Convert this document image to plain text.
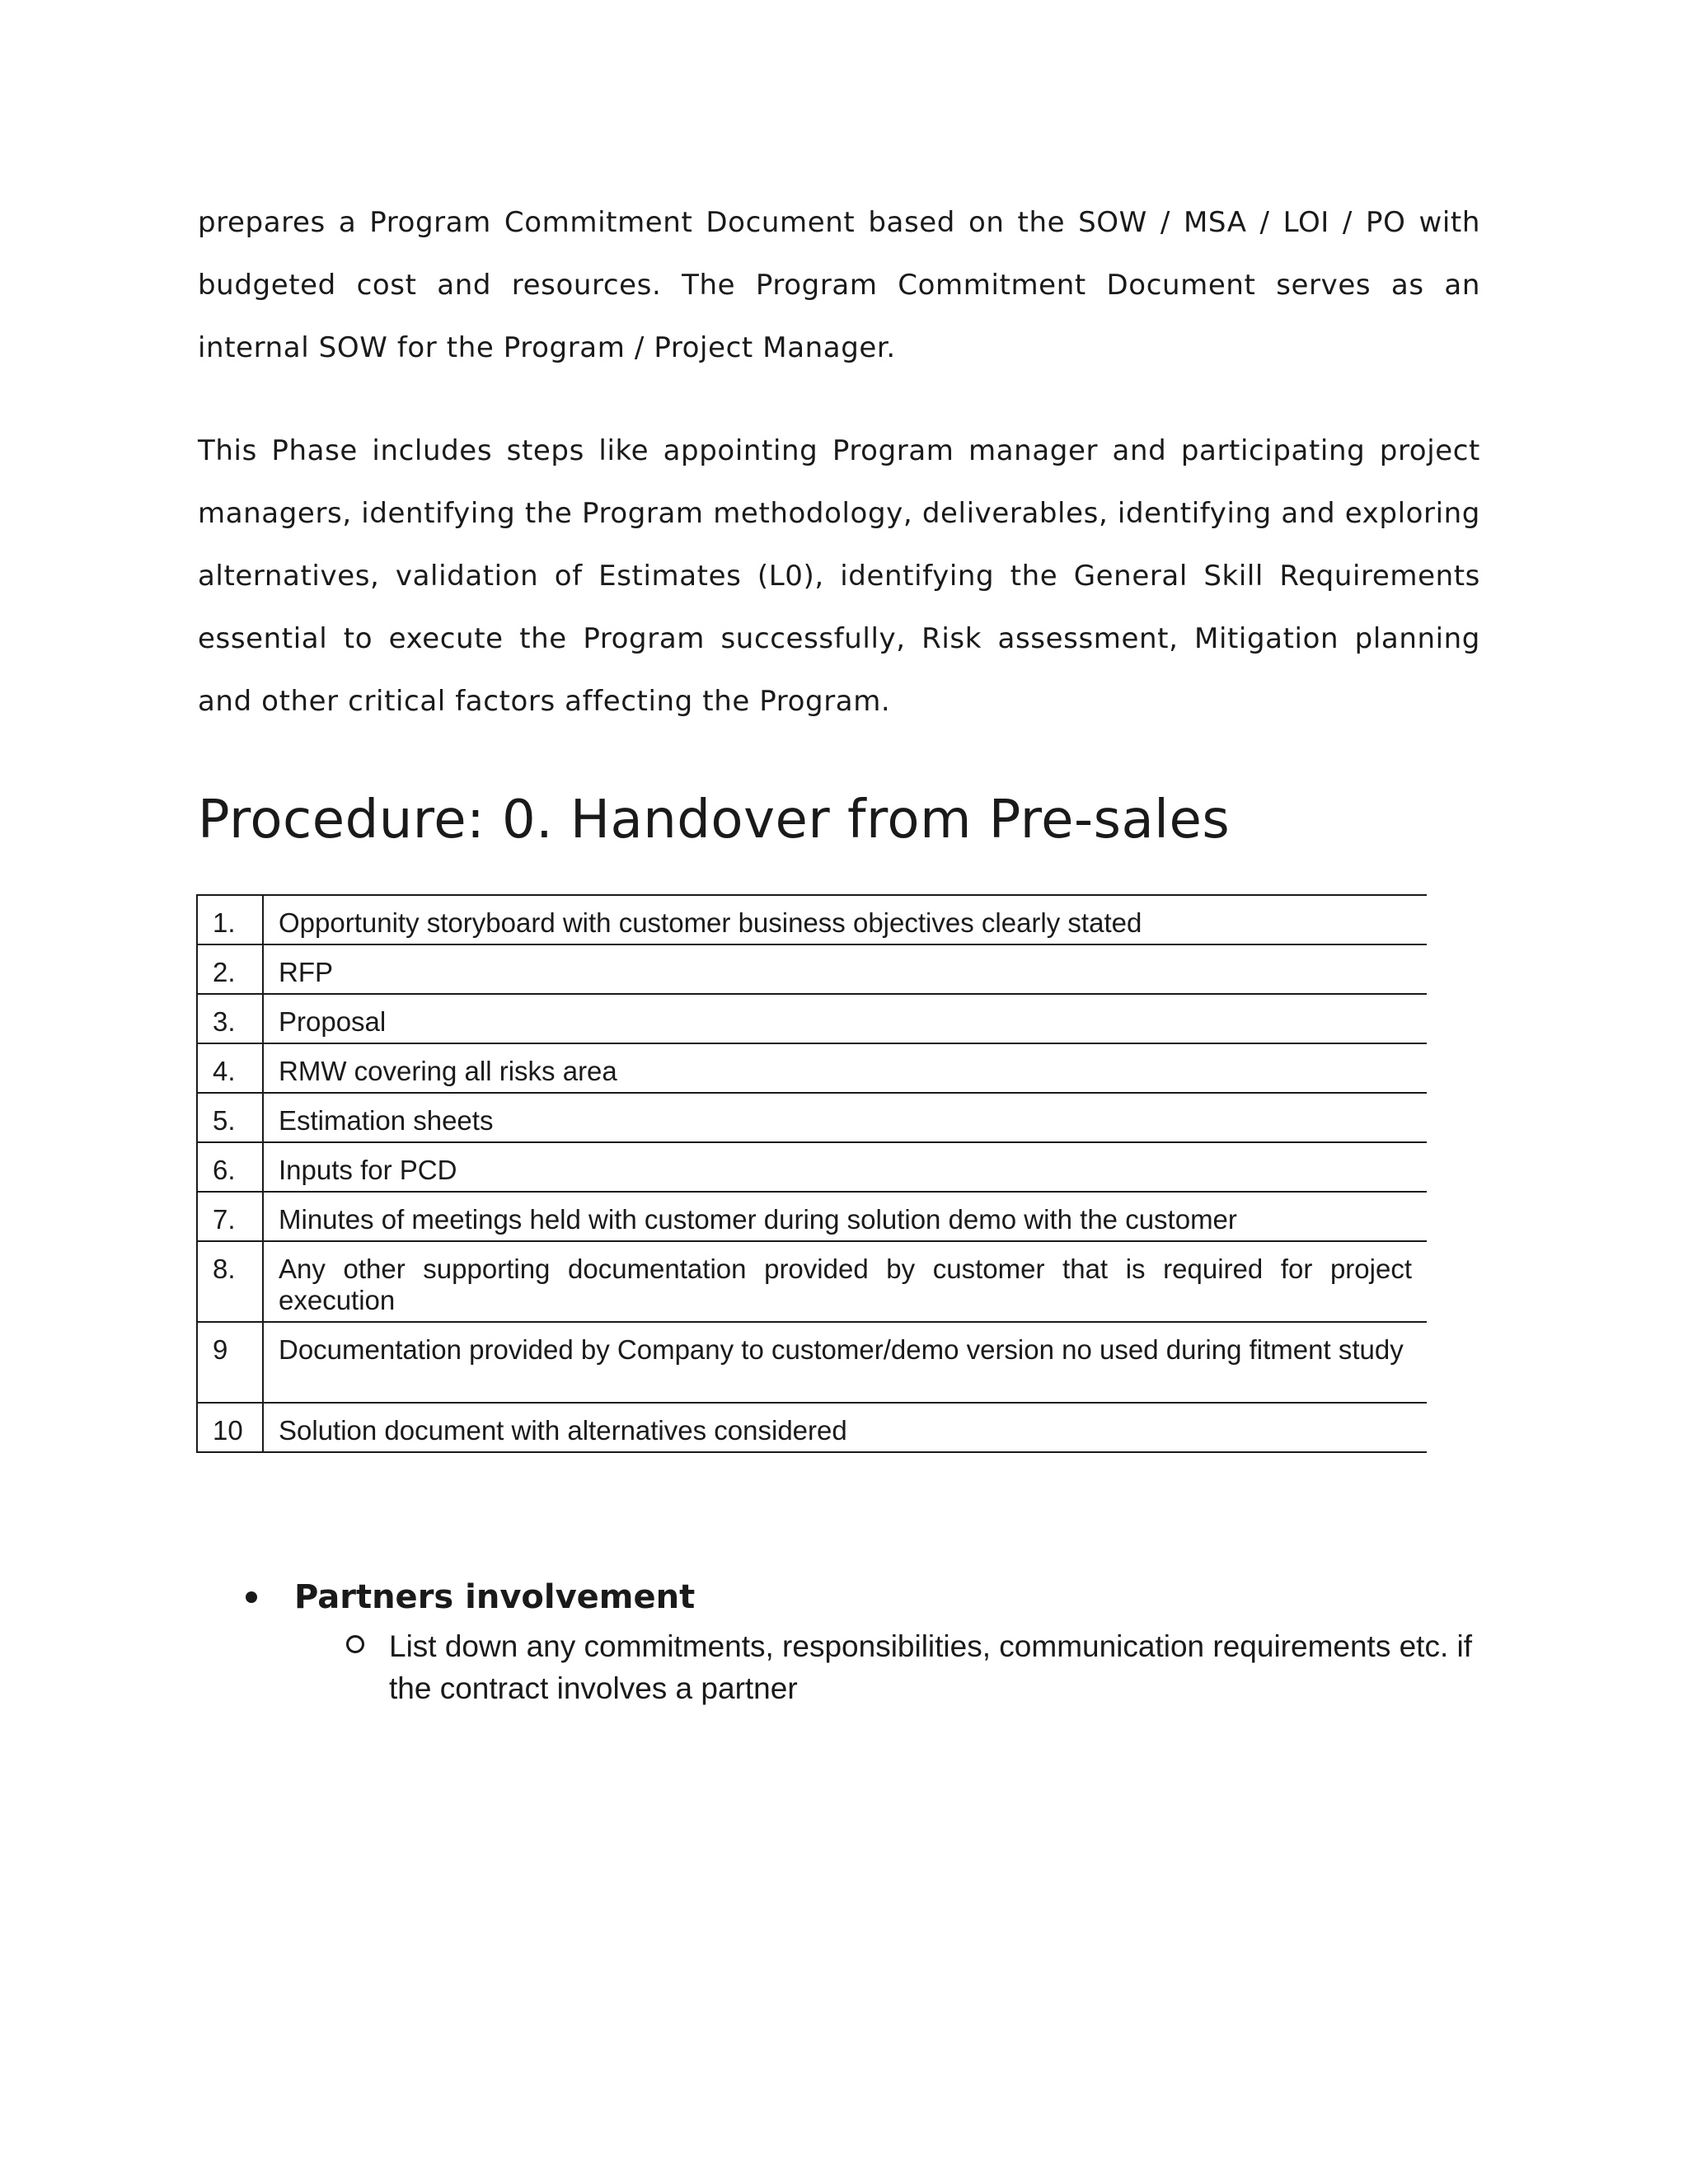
prepares a Program Commitment Document based on the SOW / MSA / LOI / PO with budgeted cost and resources. The Program Commitment Document serves as an internal SOW for the Program / Project Manager.

This Phase includes steps like appointing Program manager and participating project managers, identifying the Program methodology, deliverables, identifying and exploring alternatives, validation of Estimates (L0), identifying the General Skill Requirements essential to execute the Program successfully, Risk assessment, Mitigation planning and other critical factors affecting the Program.

Procedure: 0. Handover from Pre-sales
1.	Opportunity storyboard with customer business objectives clearly stated
2.	RFP
3.	Proposal
4.	RMW covering all risks area
5.	Estimation sheets
6.	Inputs for PCD
7.	Minutes of meetings held with customer during solution demo with the customer
8.	Any other supporting documentation provided by customer that is required for project execution
9	Documentation provided by Company to customer/demo version no used during fitment study
10	Solution document with alternatives considered
Partners involvement
List down any commitments, responsibilities, communication requirements etc. if the contract involves a partner
